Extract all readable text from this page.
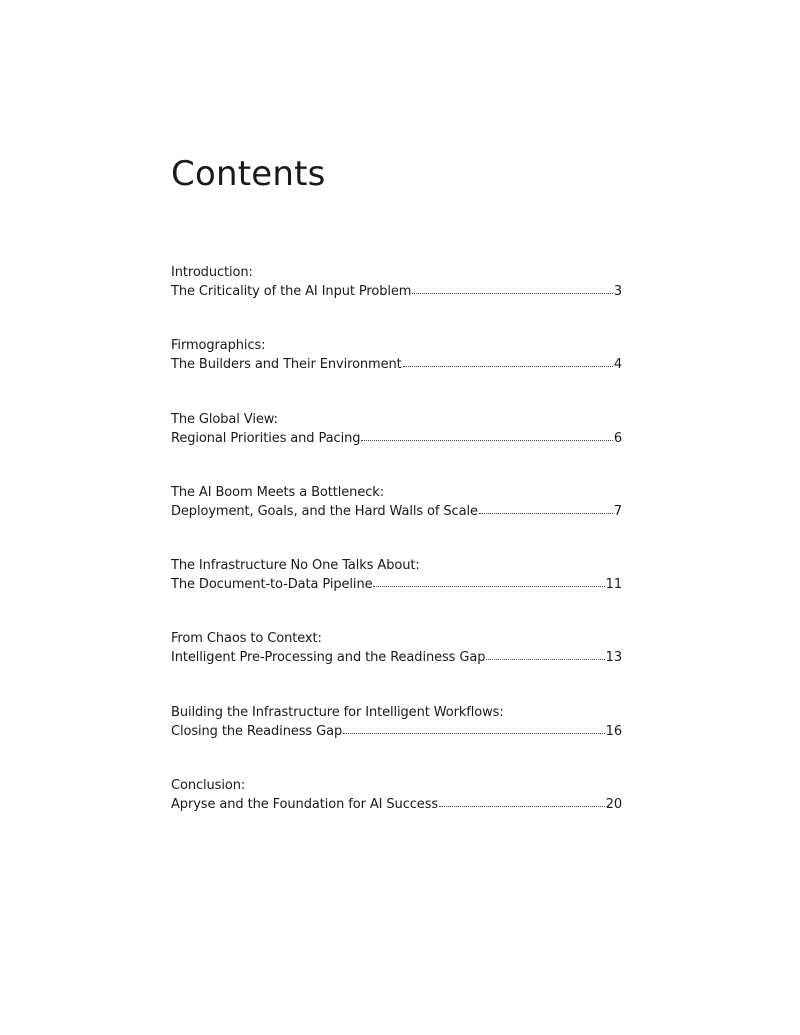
Contents
Introduction:
The Criticality of the AI Input Problem	3
Firmographics:
The Builders and Their Environment	4
The Global View:
Regional Priorities and Pacing	6
The AI Boom Meets a Bottleneck:
Deployment, Goals, and the Hard Walls of Scale	7
The Infrastructure No One Talks About:
The Document-to-Data Pipeline	11
From Chaos to Context:
Intelligent Pre-Processing and the Readiness Gap	13
Building the Infrastructure for Intelligent Workflows:
Closing the Readiness Gap	16
Conclusion:
Apryse and the Foundation for AI Success	20
